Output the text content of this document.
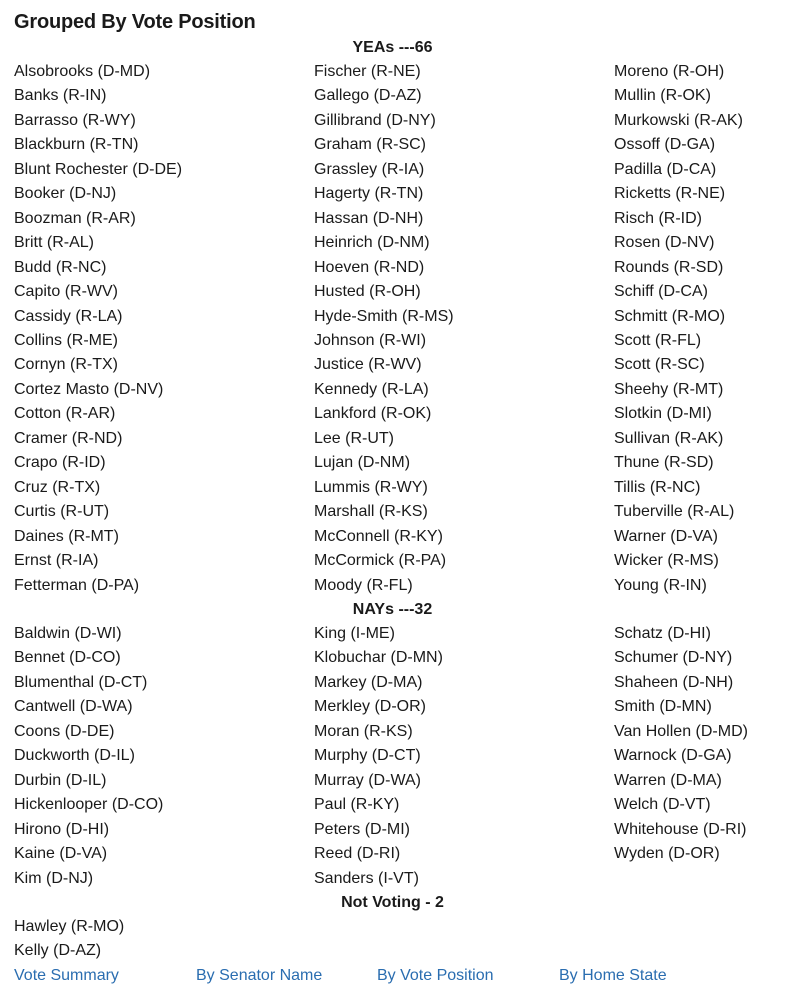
Grouped By Vote Position
YEAs ---66
Alsobrooks (D-MD)
Banks (R-IN)
Barrasso (R-WY)
Blackburn (R-TN)
Blunt Rochester (D-DE)
Booker (D-NJ)
Boozman (R-AR)
Britt (R-AL)
Budd (R-NC)
Capito (R-WV)
Cassidy (R-LA)
Collins (R-ME)
Cornyn (R-TX)
Cortez Masto (D-NV)
Cotton (R-AR)
Cramer (R-ND)
Crapo (R-ID)
Cruz (R-TX)
Curtis (R-UT)
Daines (R-MT)
Ernst (R-IA)
Fetterman (D-PA)
Fischer (R-NE)
Gallego (D-AZ)
Gillibrand (D-NY)
Graham (R-SC)
Grassley (R-IA)
Hagerty (R-TN)
Hassan (D-NH)
Heinrich (D-NM)
Hoeven (R-ND)
Husted (R-OH)
Hyde-Smith (R-MS)
Johnson (R-WI)
Justice (R-WV)
Kennedy (R-LA)
Lankford (R-OK)
Lee (R-UT)
Lujan (D-NM)
Lummis (R-WY)
Marshall (R-KS)
McConnell (R-KY)
McCormick (R-PA)
Moody (R-FL)
Moreno (R-OH)
Mullin (R-OK)
Murkowski (R-AK)
Ossoff (D-GA)
Padilla (D-CA)
Ricketts (R-NE)
Risch (R-ID)
Rosen (D-NV)
Rounds (R-SD)
Schiff (D-CA)
Schmitt (R-MO)
Scott (R-FL)
Scott (R-SC)
Sheehy (R-MT)
Slotkin (D-MI)
Sullivan (R-AK)
Thune (R-SD)
Tillis (R-NC)
Tuberville (R-AL)
Warner (D-VA)
Wicker (R-MS)
Young (R-IN)
NAYs ---32
Baldwin (D-WI)
Bennet (D-CO)
Blumenthal (D-CT)
Cantwell (D-WA)
Coons (D-DE)
Duckworth (D-IL)
Durbin (D-IL)
Hickenlooper (D-CO)
Hirono (D-HI)
Kaine (D-VA)
Kim (D-NJ)
King (I-ME)
Klobuchar (D-MN)
Markey (D-MA)
Merkley (D-OR)
Moran (R-KS)
Murphy (D-CT)
Murray (D-WA)
Paul (R-KY)
Peters (D-MI)
Reed (D-RI)
Sanders (I-VT)
Schatz (D-HI)
Schumer (D-NY)
Shaheen (D-NH)
Smith (D-MN)
Van Hollen (D-MD)
Warnock (D-GA)
Warren (D-MA)
Welch (D-VT)
Whitehouse (D-RI)
Wyden (D-OR)
Not Voting - 2
Hawley (R-MO)
Kelly (D-AZ)
Vote Summary	By Senator Name	By Vote Position	By Home State
